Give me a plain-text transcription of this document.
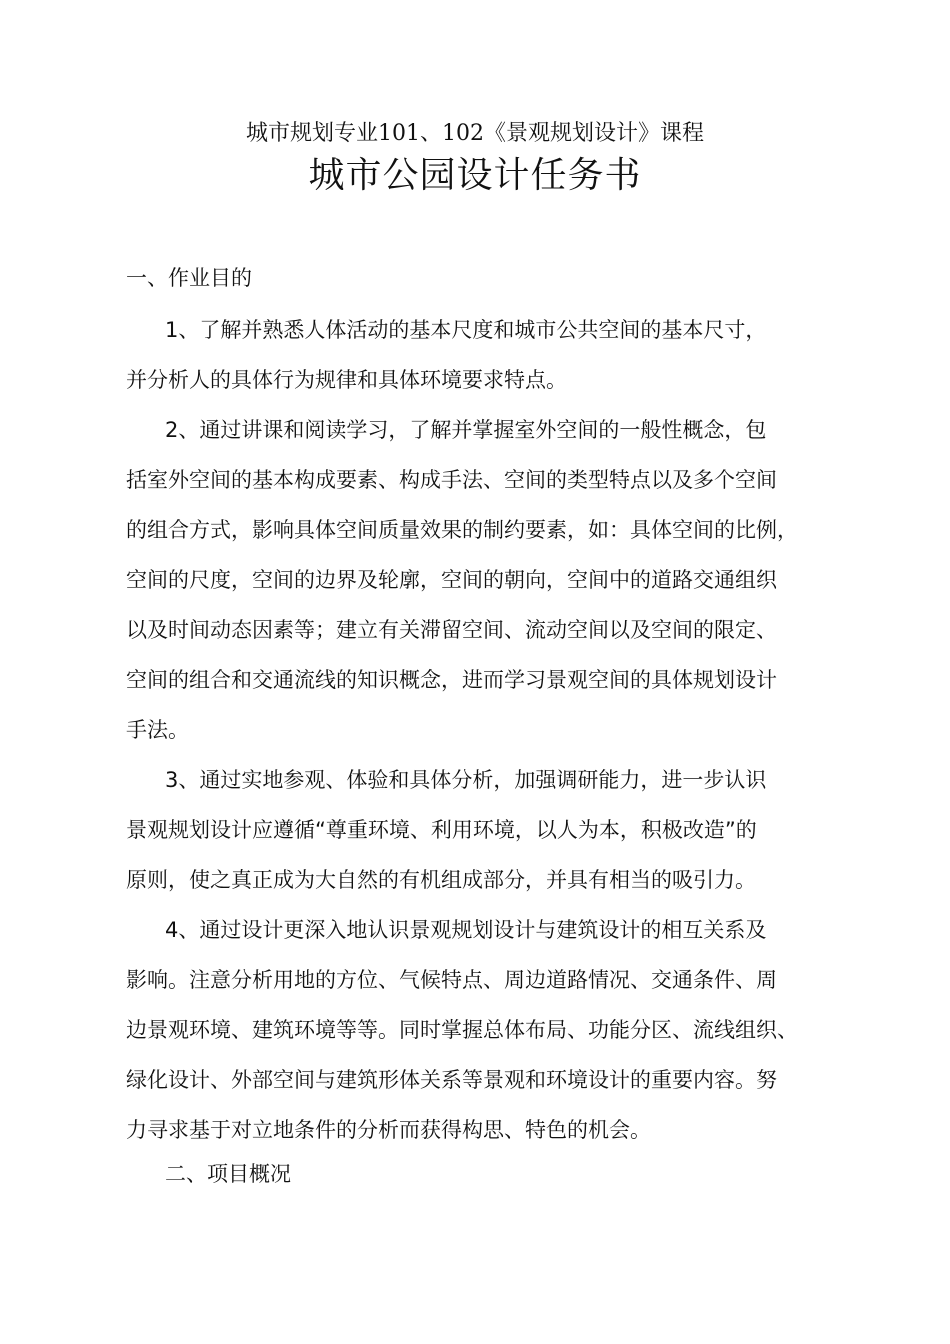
城市规划专业101、102《景观规划设计》课程
城市公园设计任务书
一、作业目的
1、了解并熟悉人体活动的基本尺度和城市公共空间的基本尺寸，
并分析人的具体行为规律和具体环境要求特点。
2、通过讲课和阅读学习，了解并掌握室外空间的一般性概念，包
括室外空间的基本构成要素、构成手法、空间的类型特点以及多个空间
的组合方式，影响具体空间质量效果的制约要素，如：具体空间的比例，
空间的尺度，空间的边界及轮廓，空间的朝向，空间中的道路交通组织
以及时间动态因素等；建立有关滞留空间、流动空间以及空间的限定、
空间的组合和交通流线的知识概念，进而学习景观空间的具体规划设计
手法。
3、通过实地参观、体验和具体分析，加强调研能力，进一步认识
景观规划设计应遵循“尊重环境、利用环境，以人为本，积极改造”的
原则，使之真正成为大自然的有机组成部分，并具有相当的吸引力。
4、通过设计更深入地认识景观规划设计与建筑设计的相互关系及
影响。注意分析用地的方位、气候特点、周边道路情况、交通条件、周
边景观环境、建筑环境等等。同时掌握总体布局、功能分区、流线组织、
绿化设计、外部空间与建筑形体关系等景观和环境设计的重要内容。努
力寻求基于对立地条件的分析而获得构思、特色的机会。
二、项目概况
